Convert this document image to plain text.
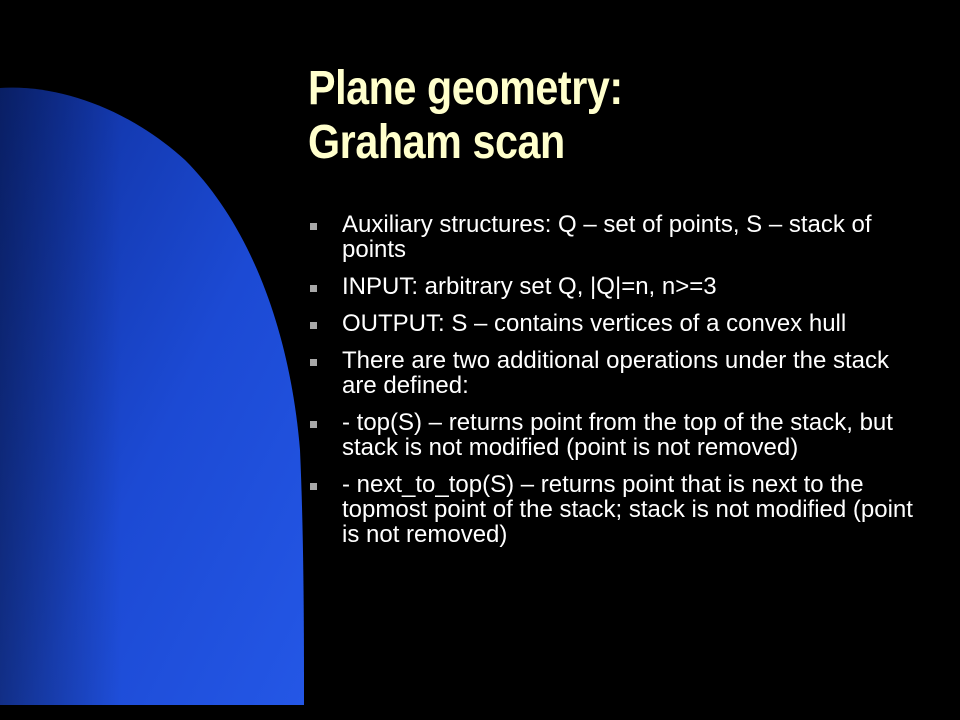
Plane geometry:
Graham scan
Auxiliary structures: Q – set of points, S – stack of points
INPUT: arbitrary set Q, |Q|=n, n>=3
OUTPUT: S – contains vertices of a convex hull
There are two additional operations under the stack are defined:
- top(S) – returns point from the top of the stack, but stack is not modified (point is not removed)
- next_to_top(S) – returns point that is next to the topmost point of the stack; stack is not modified (point is not removed)
